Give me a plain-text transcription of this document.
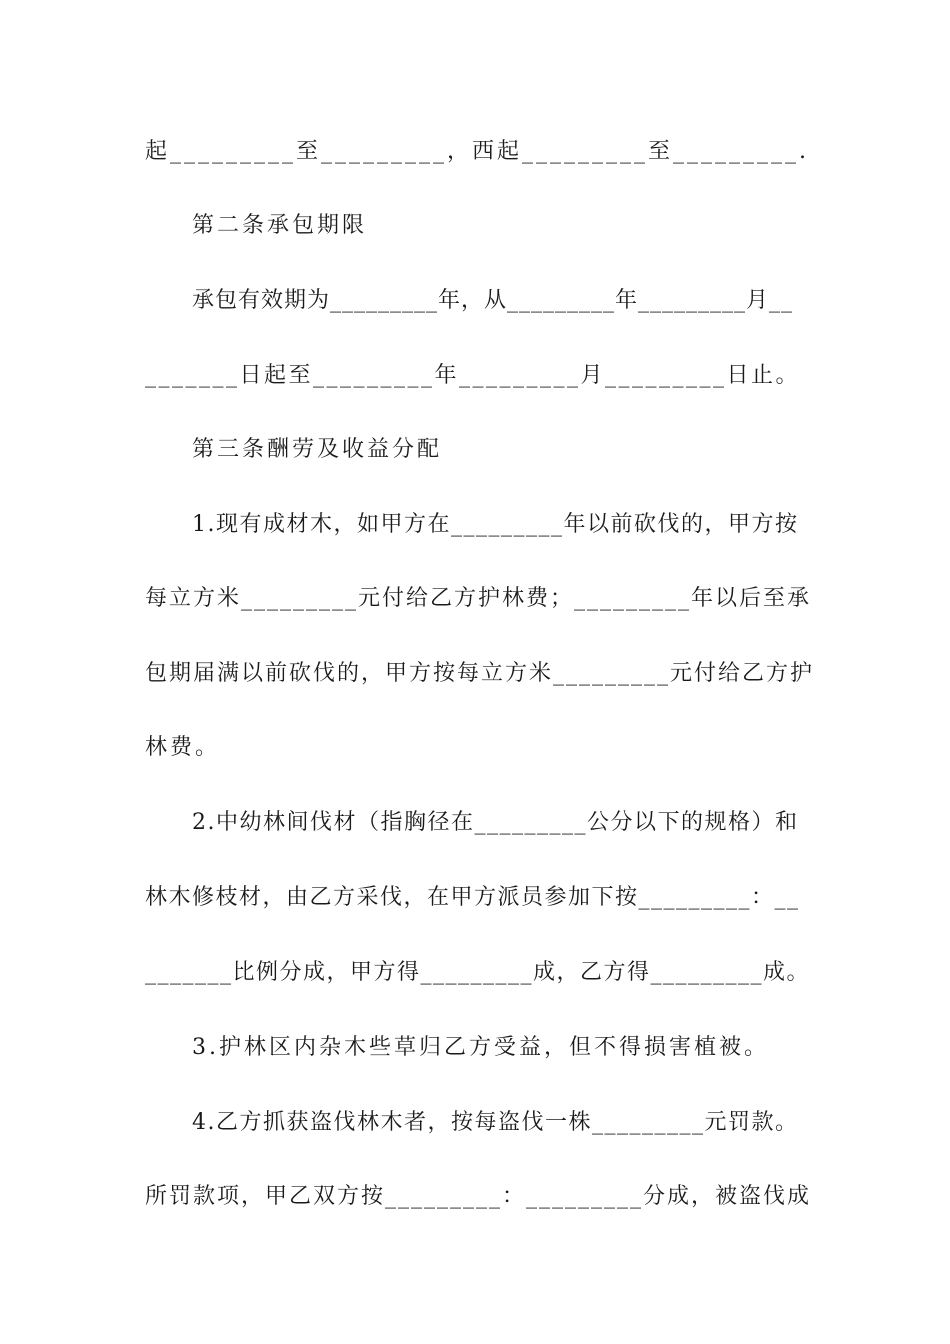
起_________至_________，西起_________至_________.
第二条承包期限
承包有效期为_________年，从_________年_________月__
_______日起至_________年_________月_________日止。
第三条酬劳及收益分配
1.现有成材木，如甲方在_________年以前砍伐的，甲方按
每立方米_________元付给乙方护林费；_________年以后至承
包期届满以前砍伐的，甲方按每立方米_________元付给乙方护
林费。
2.中幼林间伐材（指胸径在_________公分以下的规格）和
林木修枝材，由乙方采伐，在甲方派员参加下按_________：__
_______比例分成，甲方得_________成，乙方得_________成。
3.护林区内杂木些草归乙方受益，但不得损害植被。
4.乙方抓获盗伐林木者，按每盗伐一株_________元罚款。
所罚款项，甲乙双方按_________：_________分成，被盗伐成
